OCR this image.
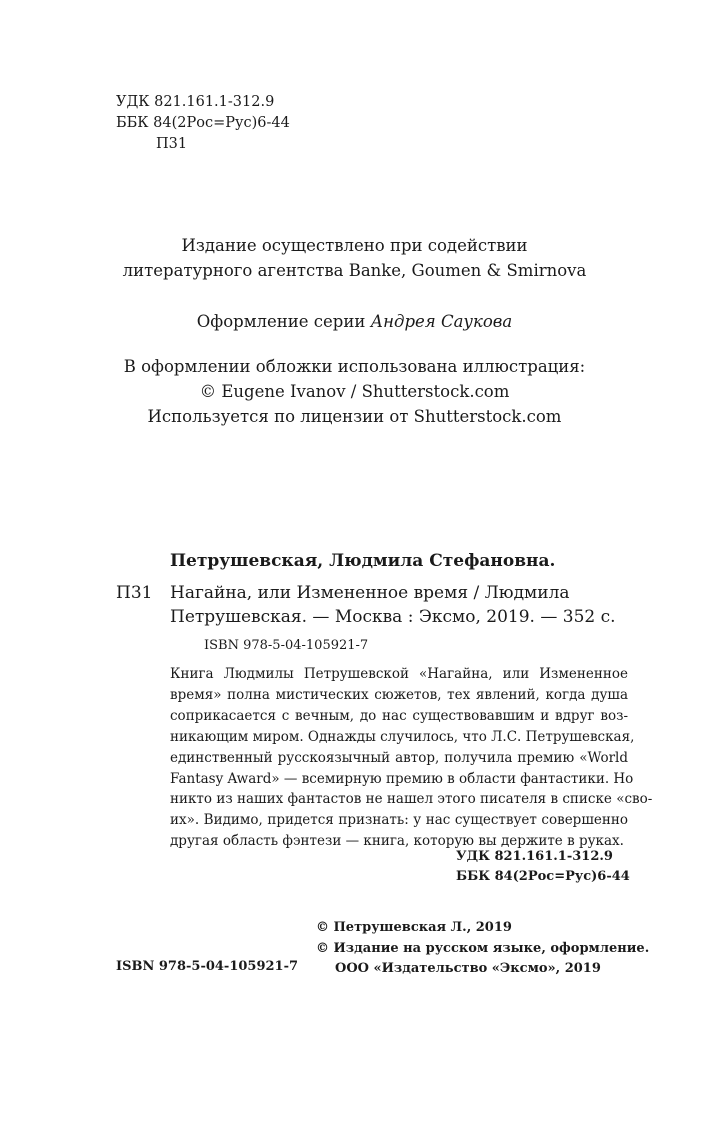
УДК 821.161.1-312.9
ББК 84(2Рос=Рус)6-44
П31
Издание осуществлено при содействии
литературного агентства Banke, Goumen & Smirnova
Оформление серии Андрея Саукова
В оформлении обложки использована иллюстрация:
© Eugene Ivanov / Shutterstock.com
Используется по лицензии от Shutterstock.com
Петрушевская, Людмила Стефановна.
П31 Нагайна, или Измененное время / Людмила
Петрушевская. — Москва : Эксмо, 2019. — 352 с.
ISBN 978-5-04-105921-7
Книга Людмилы Петрушевской «Нагайна, или Измененное
время» полна мистических сюжетов, тех явлений, когда душа
соприкасается с вечным, до нас существовавшим и вдруг воз-
никающим миром. Однажды случилось, что Л.С. Петрушевская,
единственный русскоязычный автор, получила премию «World
Fantasy Award» — всемирную премию в области фантастики. Но
никто из наших фантастов не нашел этого писателя в списке «сво-
их». Видимо, придется признать: у нас существует совершенно
другая область фэнтези — книга, которую вы держите в руках.
УДК 821.161.1-312.9
ББК 84(2Рос=Рус)6-44
© Петрушевская Л., 2019
© Издание на русском языке, оформление.
ООО «Издательство «Эксмо», 2019
ISBN 978-5-04-105921-7
